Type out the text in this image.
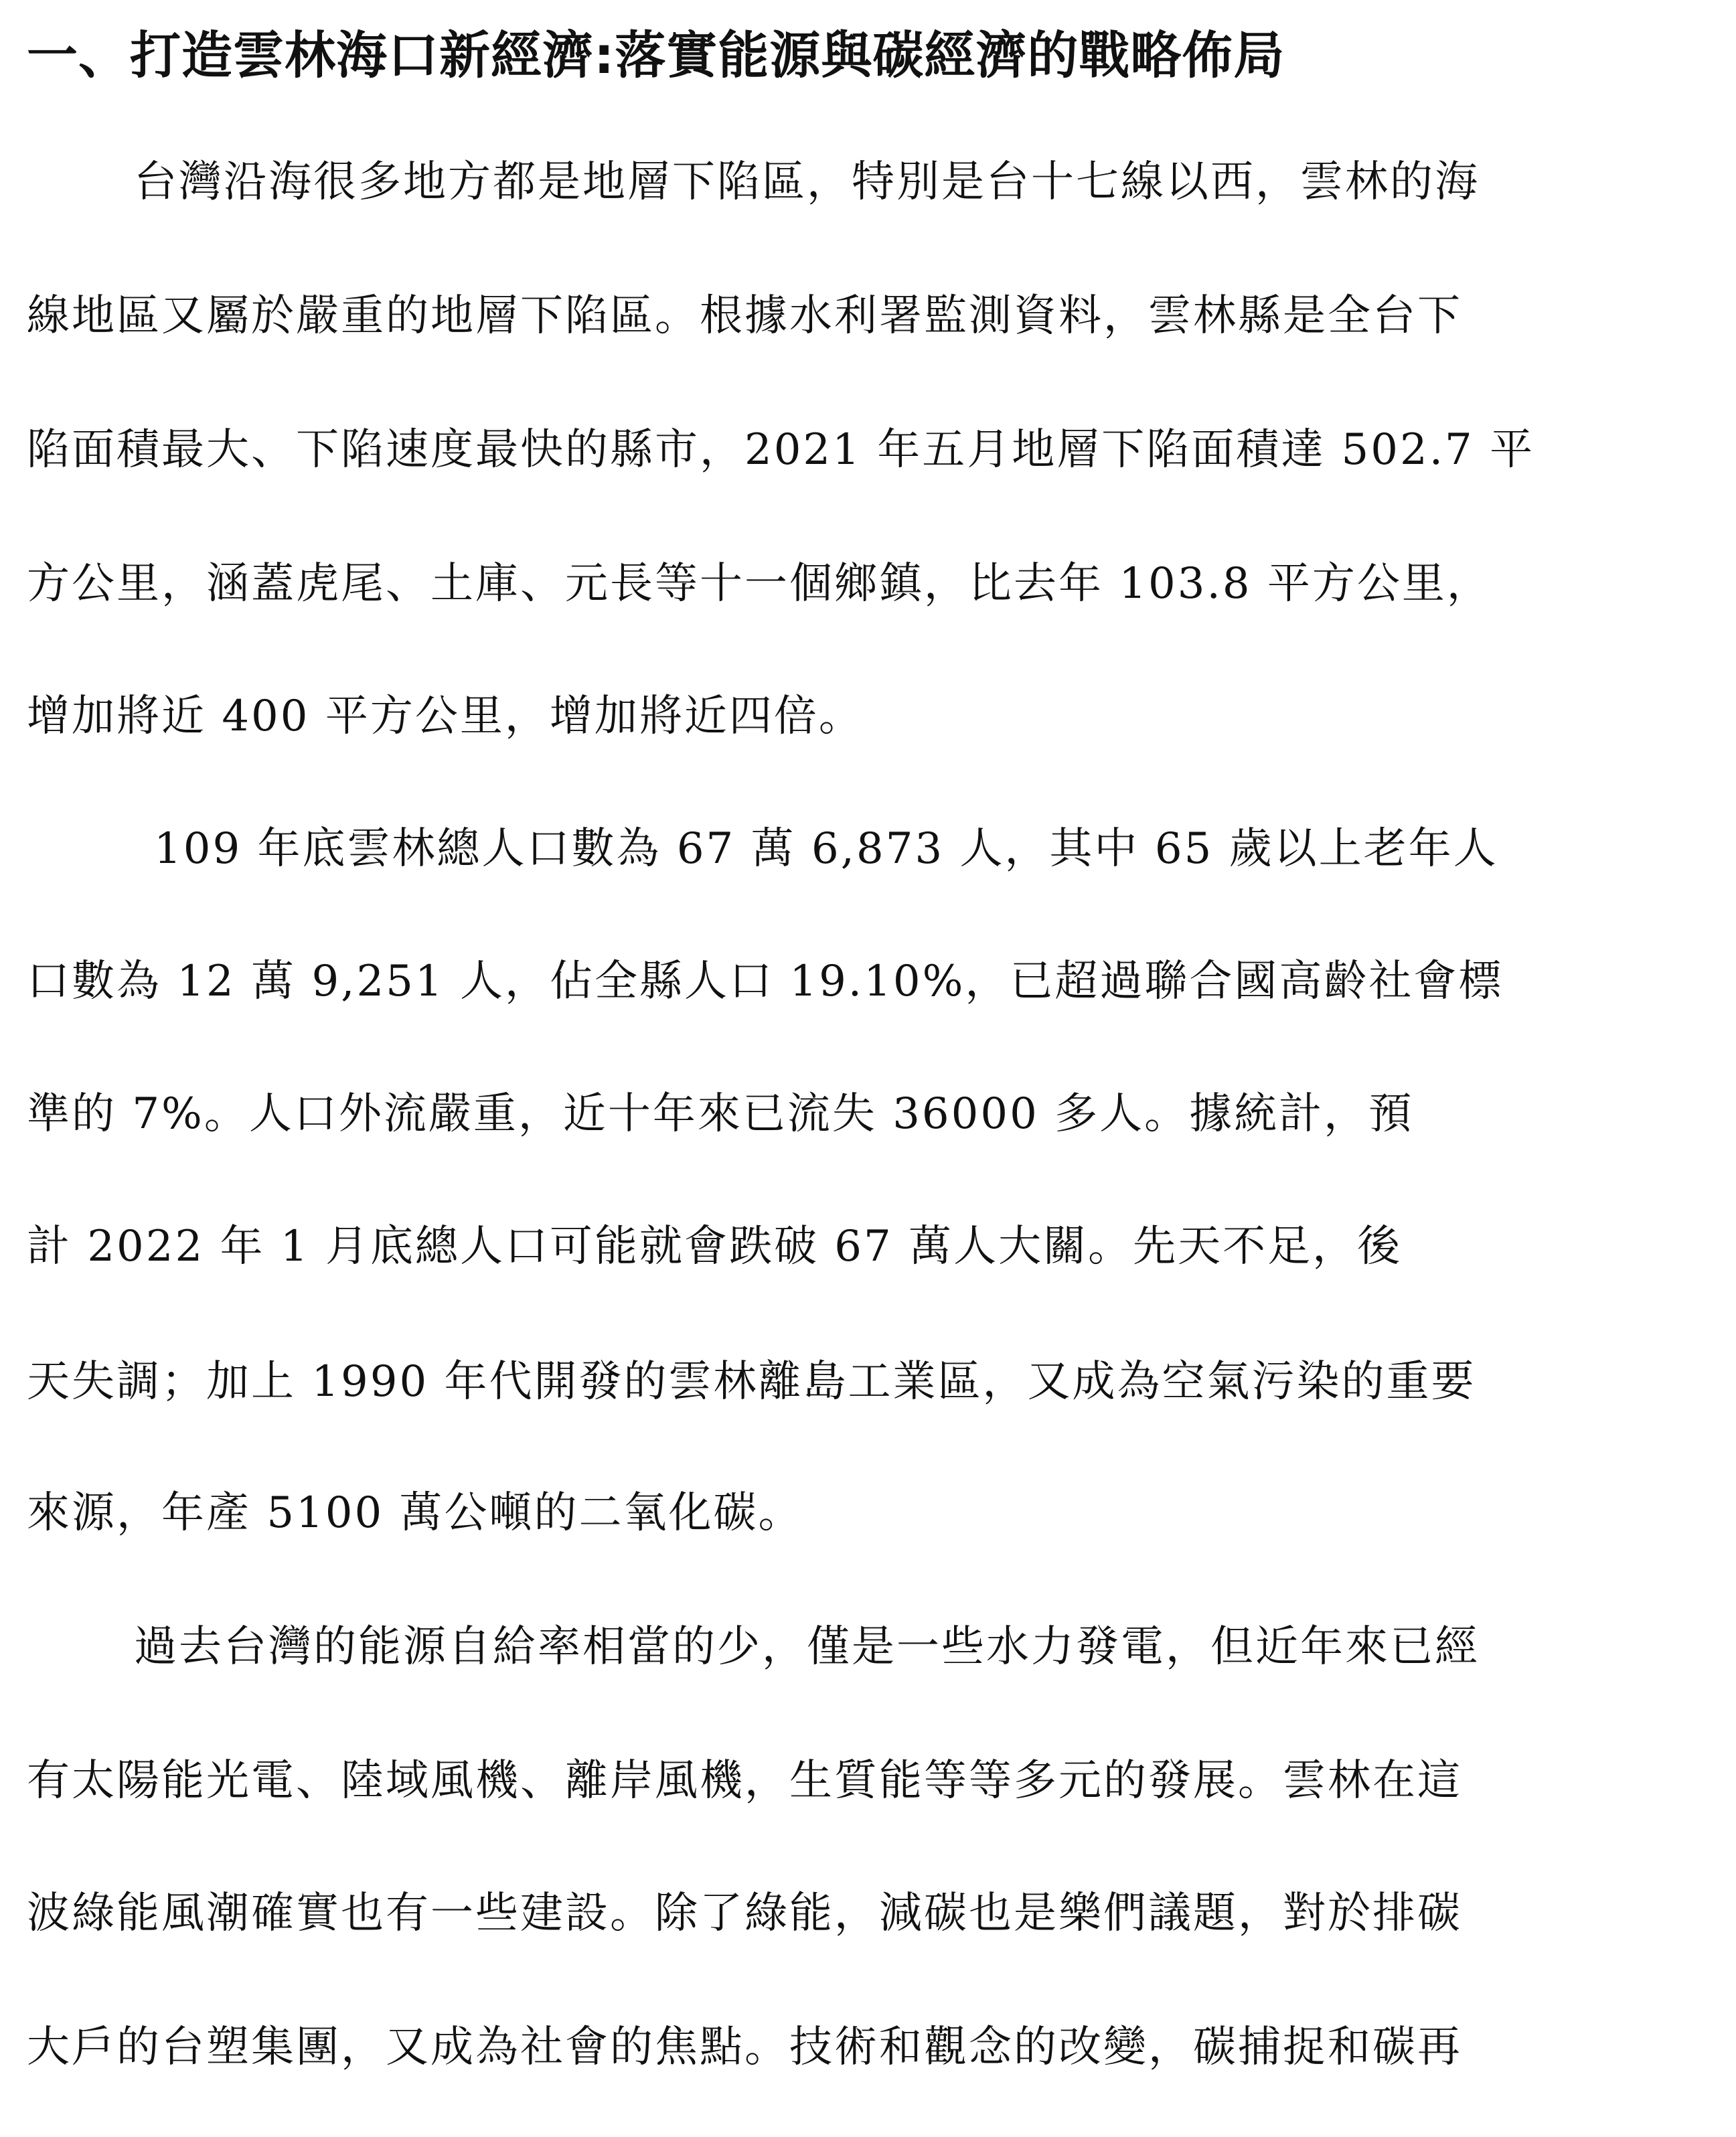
一、打造雲林海口新經濟:落實能源與碳經濟的戰略佈局

台灣沿海很多地方都是地層下陷區，特別是台十七線以西，雲林的海

線地區又屬於嚴重的地層下陷區。根據水利署監測資料，雲林縣是全台下

陷面積最大、下陷速度最快的縣市，2021 年五月地層下陷面積達 502.7 平

方公里，涵蓋虎尾、土庫、元長等十一個鄉鎮，比去年 103.8 平方公里，

增加將近 400 平方公里，增加將近四倍。

109 年底雲林總人口數為 67 萬 6,873 人，其中 65 歲以上老年人

口數為 12 萬 9,251 人，佔全縣人口 19.10%，已超過聯合國高齡社會標

準的 7%。人口外流嚴重，近十年來已流失 36000 多人。據統計，預

計 2022 年 1 月底總人口可能就會跌破 67 萬人大關。先天不足，後

天失調；加上 1990 年代開發的雲林離島工業區，又成為空氣污染的重要

來源，年產 5100 萬公噸的二氧化碳。

過去台灣的能源自給率相當的少，僅是一些水力發電，但近年來已經

有太陽能光電、陸域風機、離岸風機，生質能等等多元的發展。雲林在這

波綠能風潮確實也有一些建設。除了綠能，減碳也是樂們議題，對於排碳

大戶的台塑集團，又成為社會的焦點。技術和觀念的改變，碳捕捉和碳再
